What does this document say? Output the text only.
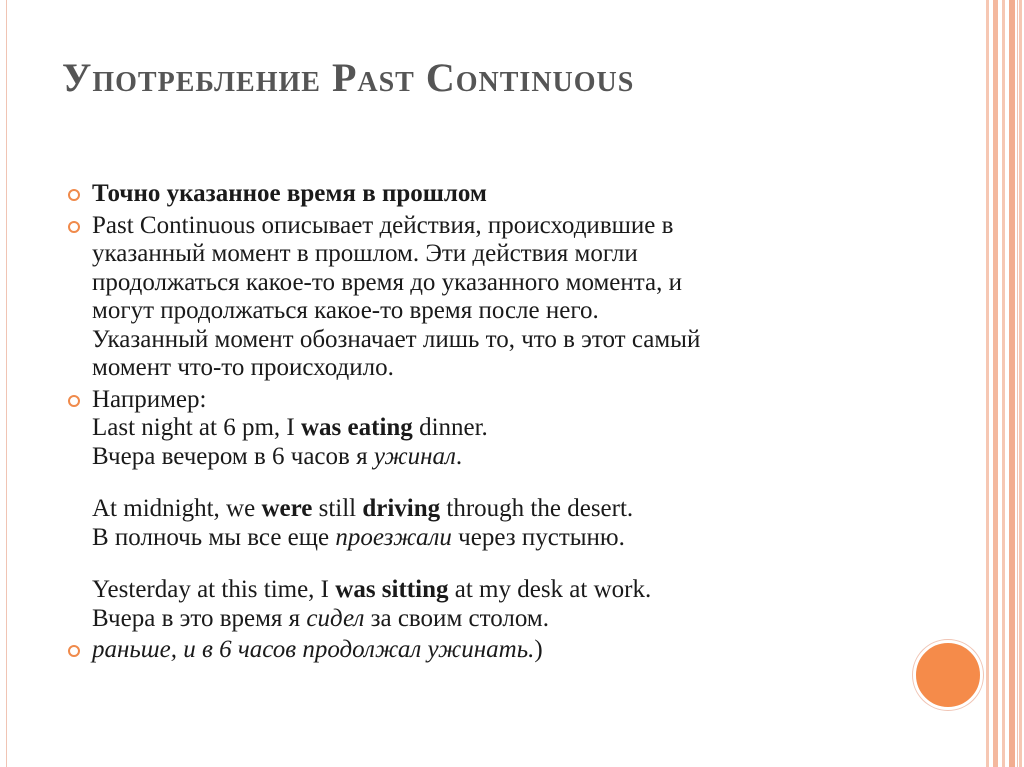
Употребление Past Continuous
Точно указанное время в прошлом
Past Continuous описывает действия, происходившие в
указанный момент в прошлом. Эти действия могли
продолжаться какое-то время до указанного момента, и
могут продолжаться какое-то время после него.
Указанный момент обозначает лишь то, что в этот самый
момент что-то происходило.
Например:
Last night at 6 pm, I was eating dinner.
Вчера вечером в 6 часов я ужинал.
At midnight, we were still driving through the desert.
В полночь мы все еще проезжали через пустыню.
Yesterday at this time, I was sitting at my desk at work.
Вчера в это время я сидел за своим столом.
раньше, и в 6 часов продолжал ужинать.)
